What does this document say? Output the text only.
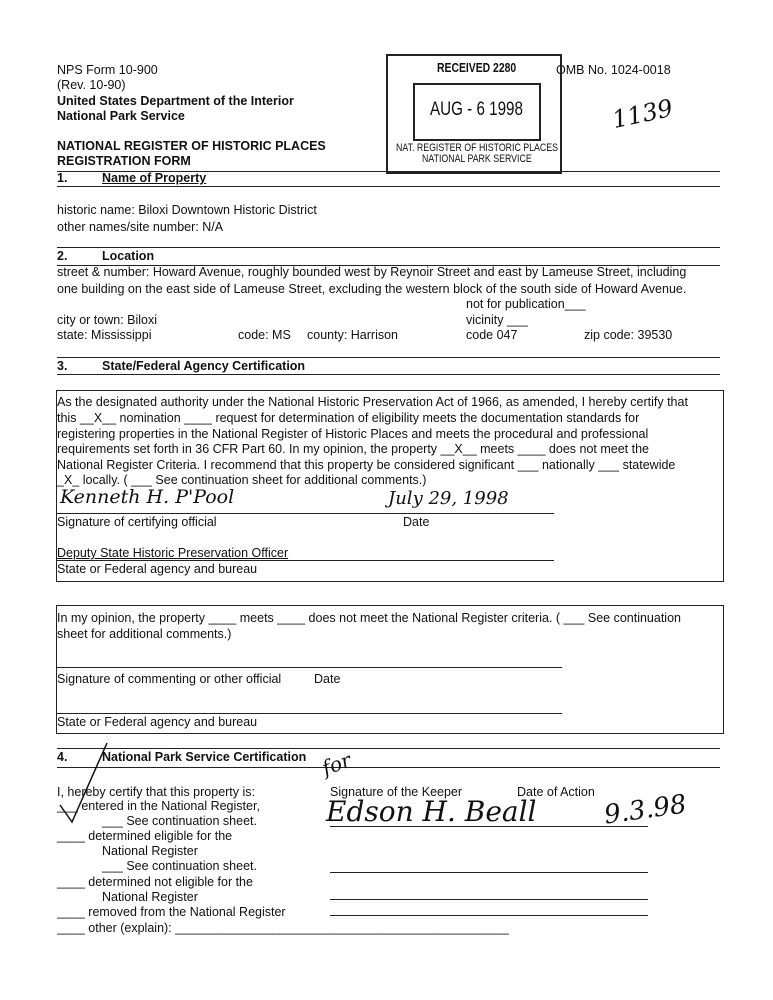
NPS Form 10-900
(Rev. 10-90)
United States Department of the Interior
National Park Service
NATIONAL REGISTER OF HISTORIC PLACES
REGISTRATION FORM
OMB No. 1024-0018
1139
RECEIVED 2280
AUG - 6 1998
NAT. REGISTER OF HISTORIC PLACES
NATIONAL PARK SERVICE
1.	Name of Property
historic name: Biloxi Downtown Historic District
other names/site number: N/A
2.	Location
street & number: Howard Avenue, roughly bounded west by Reynoir Street and east by Lameuse Street, including
one building on the east side of Lameuse Street, excluding the western block of the south side of Howard Avenue.
not for publication___
city or town: Biloxi	vicinity ___
state: Mississippi	code: MS county: Harrison	code 047	zip code: 39530
3.	State/Federal Agency Certification
As the designated authority under the National Historic Preservation Act of 1966, as amended, I hereby certify that
this __X__ nomination ____ request for determination of eligibility meets the documentation standards for
registering properties in the National Register of Historic Places and meets the procedural and professional
requirements set forth in 36 CFR Part 60. In my opinion, the property __X__ meets ____ does not meet the
National Register Criteria. I recommend that this property be considered significant ___ nationally ___ statewide
_X_ locally. ( ___ See continuation sheet for additional comments.)
Kenneth H. P'Pool	July 29, 1998
Signature of certifying official	Date
Deputy State Historic Preservation Officer
State or Federal agency and bureau
In my opinion, the property ____ meets ____ does not meet the National Register criteria. ( ___ See continuation
sheet for additional comments.)
Signature of commenting or other official	Date
State or Federal agency and bureau
4.	National Park Service Certification
I, hereby certify that this property is:
___ entered in the National Register,
___ See continuation sheet.
____ determined eligible for the
National Register
___ See continuation sheet.
____ determined not eligible for the
National Register
____ removed from the National Register
____ other (explain): ________________________________________________
Signature of the Keeper	Date of Action
for
Edson H. Beall	9.3.98
